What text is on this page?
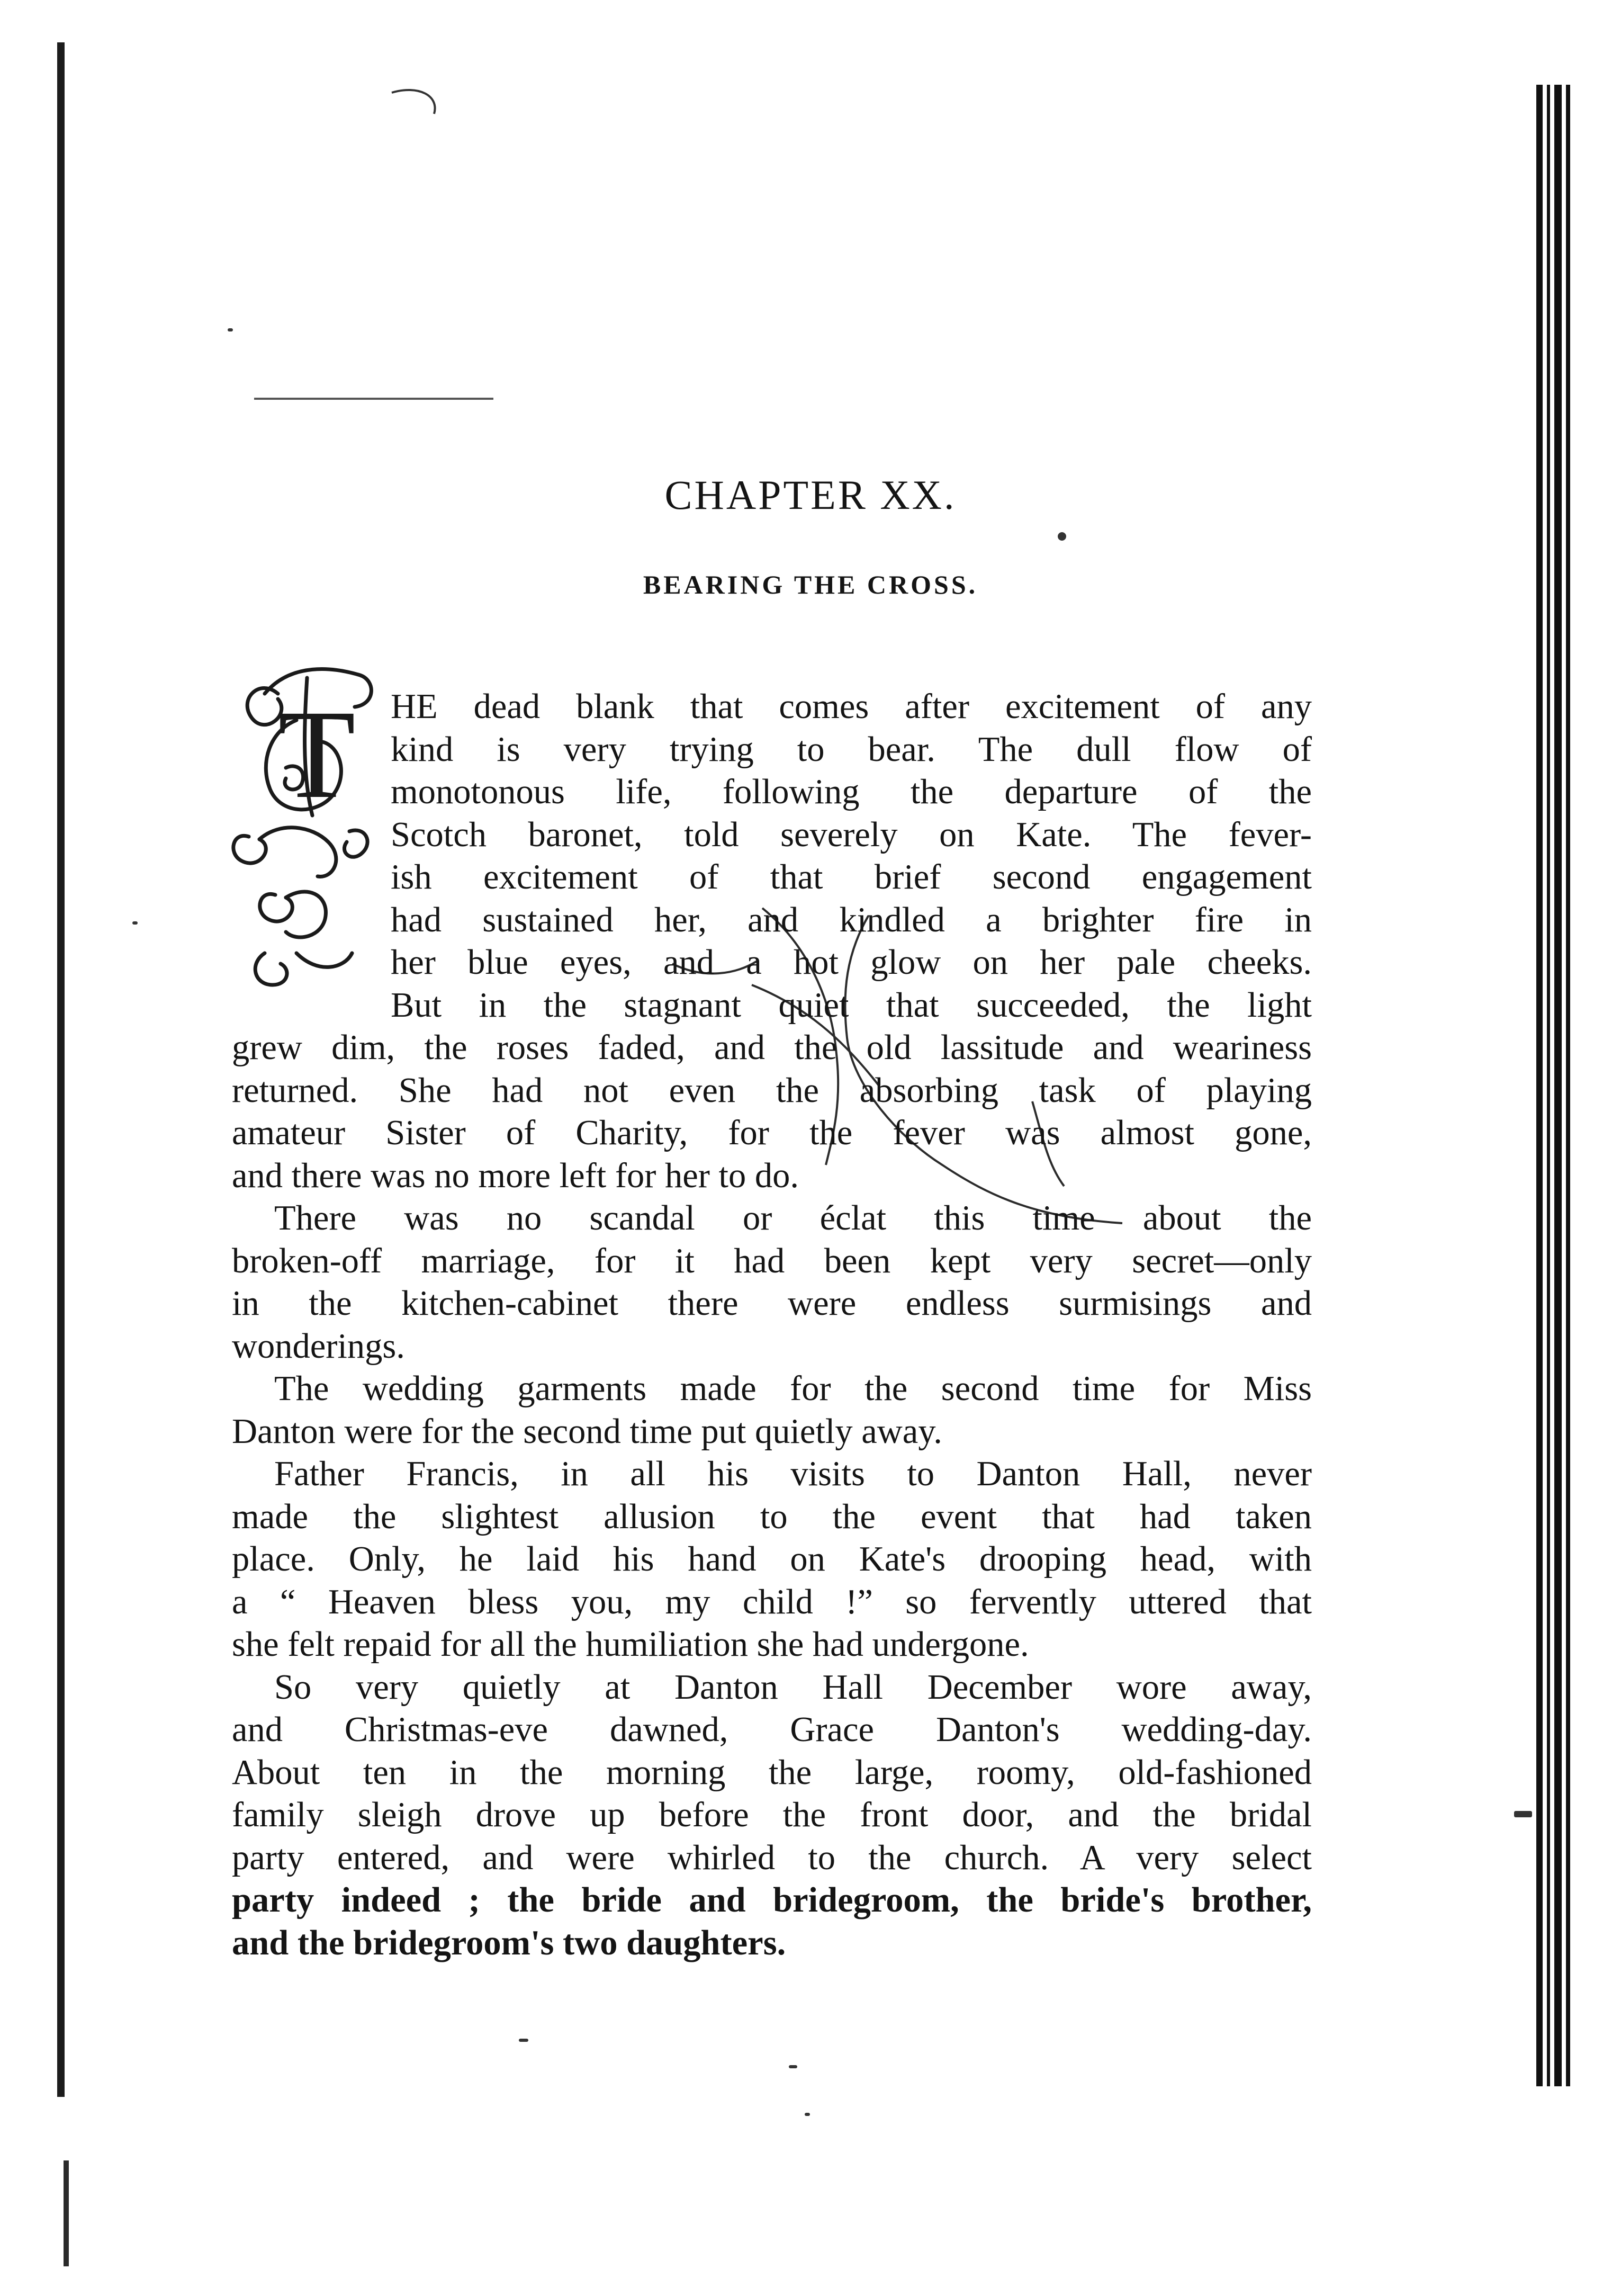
CHAPTER XX.
BEARING THE CROSS.
T HE dead blank that comes after excitement of any
kind is very trying to bear. The dull flow of
monotonous life, following the departure of the
Scotch baronet, told severely on Kate. The fever-
ish excitement of that brief second engagement
had sustained her, and kindled a brighter fire in
her blue eyes, and a hot glow on her pale cheeks.
But in the stagnant quiet that succeeded, the light
grew dim, the roses faded, and the old lassitude and weariness
returned. She had not even the absorbing task of playing
amateur Sister of Charity, for the fever was almost gone,
and there was no more left for her to do.
There was no scandal or éclat this time about the
broken-off marriage, for it had been kept very secret—only
in the kitchen-cabinet there were endless surmisings and
wonderings.
The wedding garments made for the second time for Miss
Danton were for the second time put quietly away.
Father Francis, in all his visits to Danton Hall, never
made the slightest allusion to the event that had taken
place. Only, he laid his hand on Kate's drooping head, with
a “ Heaven bless you, my child !” so fervently uttered that
she felt repaid for all the humiliation she had undergone.
So very quietly at Danton Hall December wore away,
and Christmas-eve dawned, Grace Danton's wedding-day.
About ten in the morning the large, roomy, old-fashioned
family sleigh drove up before the front door, and the bridal
party entered, and were whirled to the church. A very select
party indeed ; the bride and bridegroom, the bride's brother,
and the bridegroom's two daughters.
